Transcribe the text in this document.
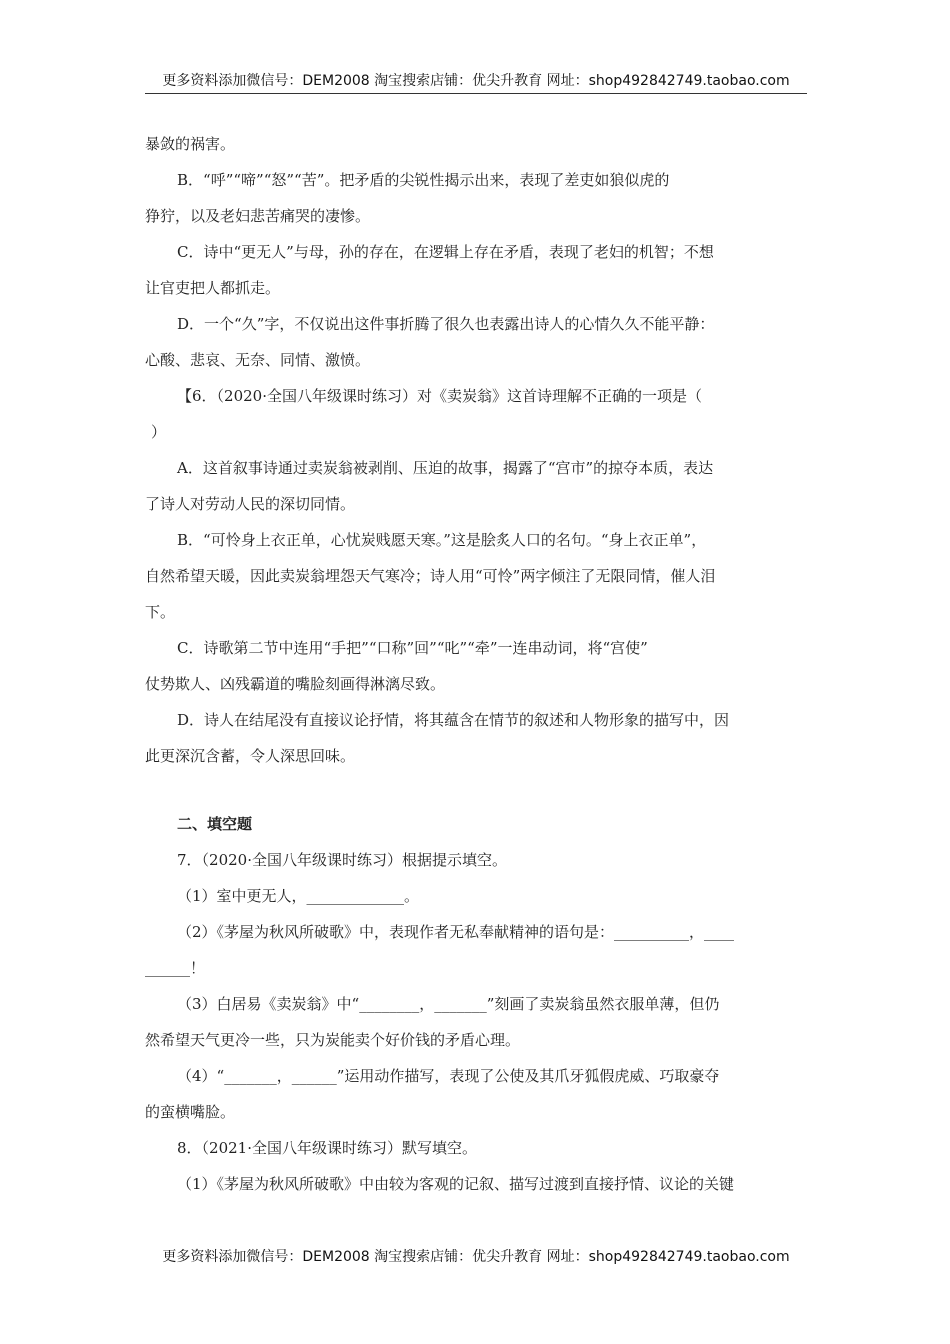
更多资料添加微信号：DEM2008 淘宝搜索店铺：优尖升教育 网址：shop492842749.taobao.com

暴敛的祸害。

B．“呼”“啼”“怒”“苦”。把矛盾的尖锐性揭示出来，表现了差吏如狼似虎的

狰狞，以及老妇悲苦痛哭的凄惨。

C．诗中“更无人”与母，孙的存在，在逻辑上存在矛盾，表现了老妇的机智；不想

让官吏把人都抓走。

D．一个“久”字，不仅说出这件事折腾了很久也表露出诗人的心情久久不能平静：

心酸、悲哀、无奈、同情、激愤。

【6．（2020·全国八年级课时练习）对《卖炭翁》这首诗理解不正确的一项是（

）

A．这首叙事诗通过卖炭翁被剥削、压迫的故事，揭露了“宫市”的掠夺本质，表达

了诗人对劳动人民的深切同情。

B．“可怜身上衣正单，心忧炭贱愿天寒。”这是脍炙人口的名句。“身上衣正单”，

自然希望天暖，因此卖炭翁埋怨天气寒冷；诗人用“可怜”两字倾注了无限同情，催人泪

下。

C．诗歌第二节中连用“手把”“口称”回”“叱”“牵”一连串动词，将“宫使”

仗势欺人、凶残霸道的嘴脸刻画得淋漓尽致。

D．诗人在结尾没有直接议论抒情，将其蕴含在情节的叙述和人物形象的描写中，因

此更深沉含蓄，令人深思回味。

二、填空题

7．（2020·全国八年级课时练习）根据提示填空。

（1）室中更无人，_____________。

（2）《茅屋为秋风所破歌》中，表现作者无私奉献精神的语句是：__________，____

______！

（3）白居易《卖炭翁》中“________，_______”刻画了卖炭翁虽然衣服单薄，但仍

然希望天气更冷一些，只为炭能卖个好价钱的矛盾心理。

（4）“_______，______”运用动作描写，表现了公使及其爪牙狐假虎威、巧取豪夺

的蛮横嘴脸。

8．（2021·全国八年级课时练习）默写填空。

（1）《茅屋为秋风所破歌》中由较为客观的记叙、描写过渡到直接抒情、议论的关键

更多资料添加微信号：DEM2008 淘宝搜索店铺：优尖升教育 网址：shop492842749.taobao.com
